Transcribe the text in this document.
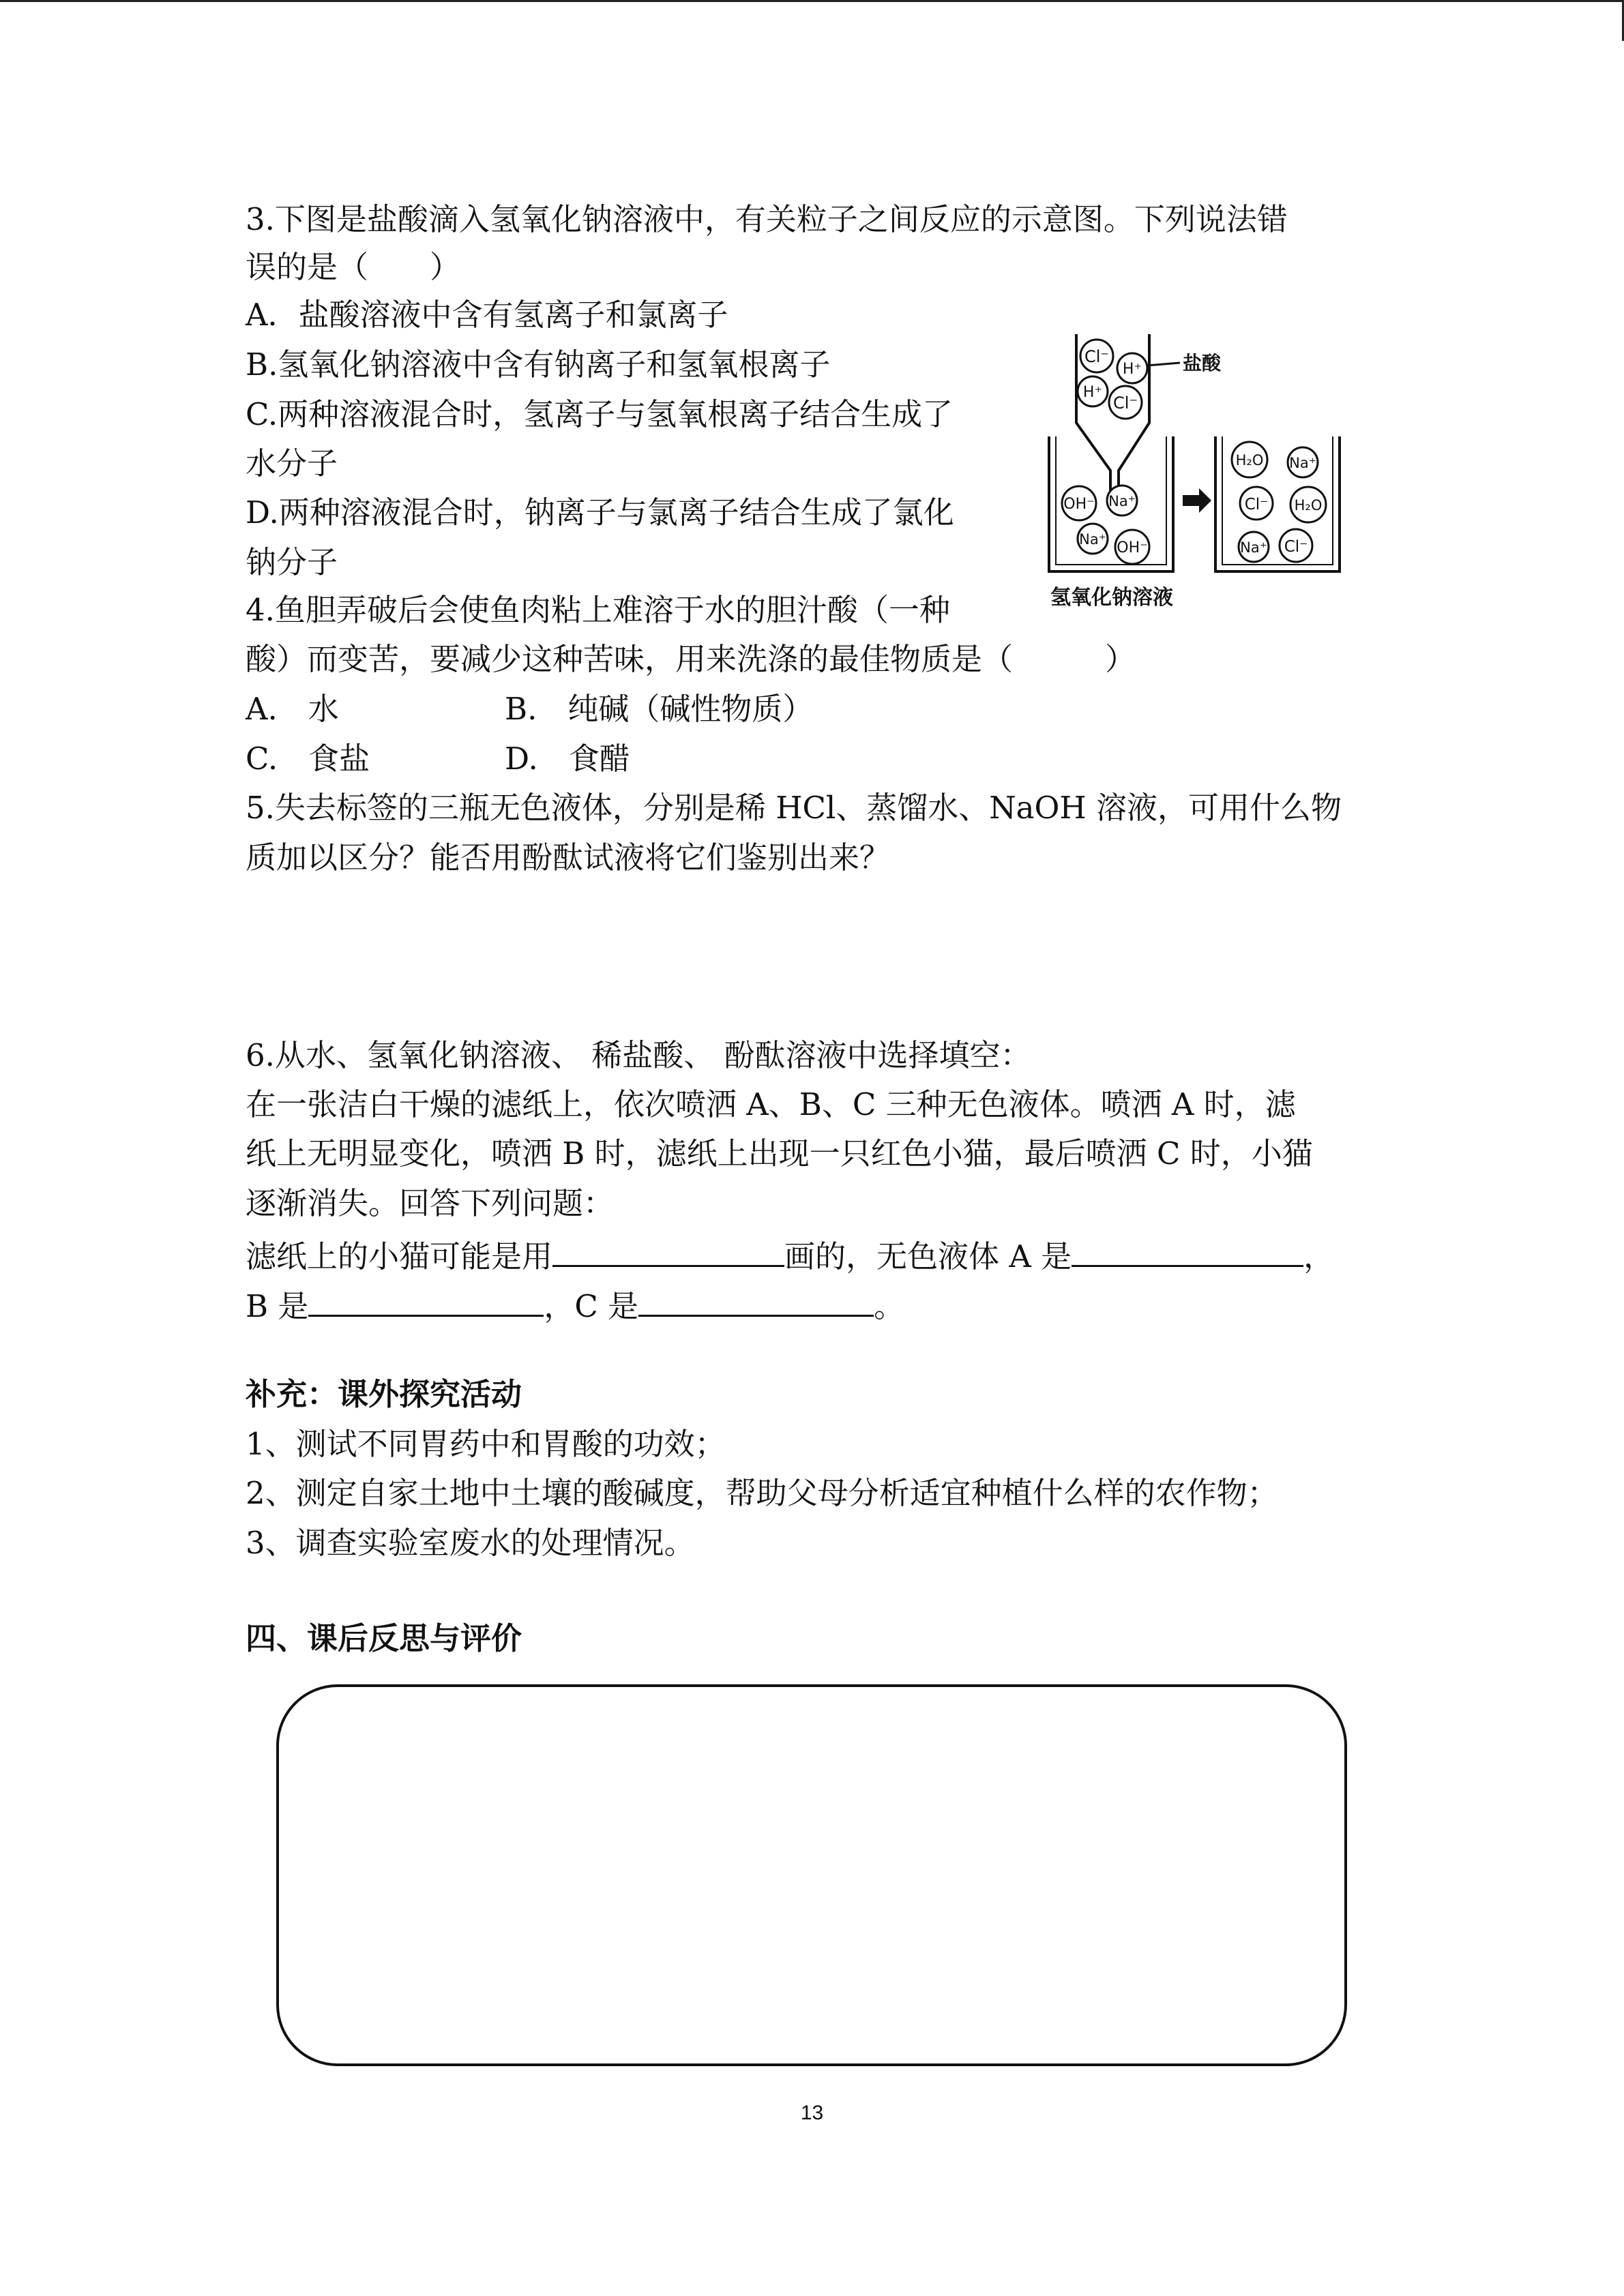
3.下图是盐酸滴入氢氧化钠溶液中，有关粒子之间反应的示意图。下列说法错

误的是（　　）

A．盐酸溶液中含有氢离子和氯离子

B.氢氧化钠溶液中含有钠离子和氢氧根离子

C.两种溶液混合时，氢离子与氢氧根离子结合生成了

水分子

D.两种溶液混合时，钠离子与氯离子结合生成了氯化

钠分子

Cl⁻
H⁺
H⁺
Cl⁻
盐酸
OH⁻ Na⁺
Na⁺ OH⁻
H₂O Na⁺
Cl⁻ H₂O
Na⁺ Cl⁻
氢氧化钠溶液

4.鱼胆弄破后会使鱼肉粘上难溶于水的胆汁酸（一种

酸）而变苦，要减少这种苦味，用来洗涤的最佳物质是（　　　）

A.　水	B.　纯碱（碱性物质）

C.　食盐	D.　食醋

5.失去标签的三瓶无色液体，分别是稀 HCl、蒸馏水、NaOH 溶液，可用什么物

质加以区分？能否用酚酞试液将它们鉴别出来？

6.从水、氢氧化钠溶液、 稀盐酸、 酚酞溶液中选择填空：

在一张洁白干燥的滤纸上，依次喷洒 A、B、C 三种无色液体。喷洒 A 时，滤

纸上无明显变化，喷洒 B 时，滤纸上出现一只红色小猫，最后喷洒 C 时，小猫

逐渐消失。回答下列问题：

滤纸上的小猫可能是用	画的，无色液体 A 是	，

B 是	，C 是	。

补充：课外探究活动

1、测试不同胃药中和胃酸的功效；

2、测定自家土地中土壤的酸碱度，帮助父母分析适宜种植什么样的农作物；

3、调查实验室废水的处理情况。

四、课后反思与评价

13
